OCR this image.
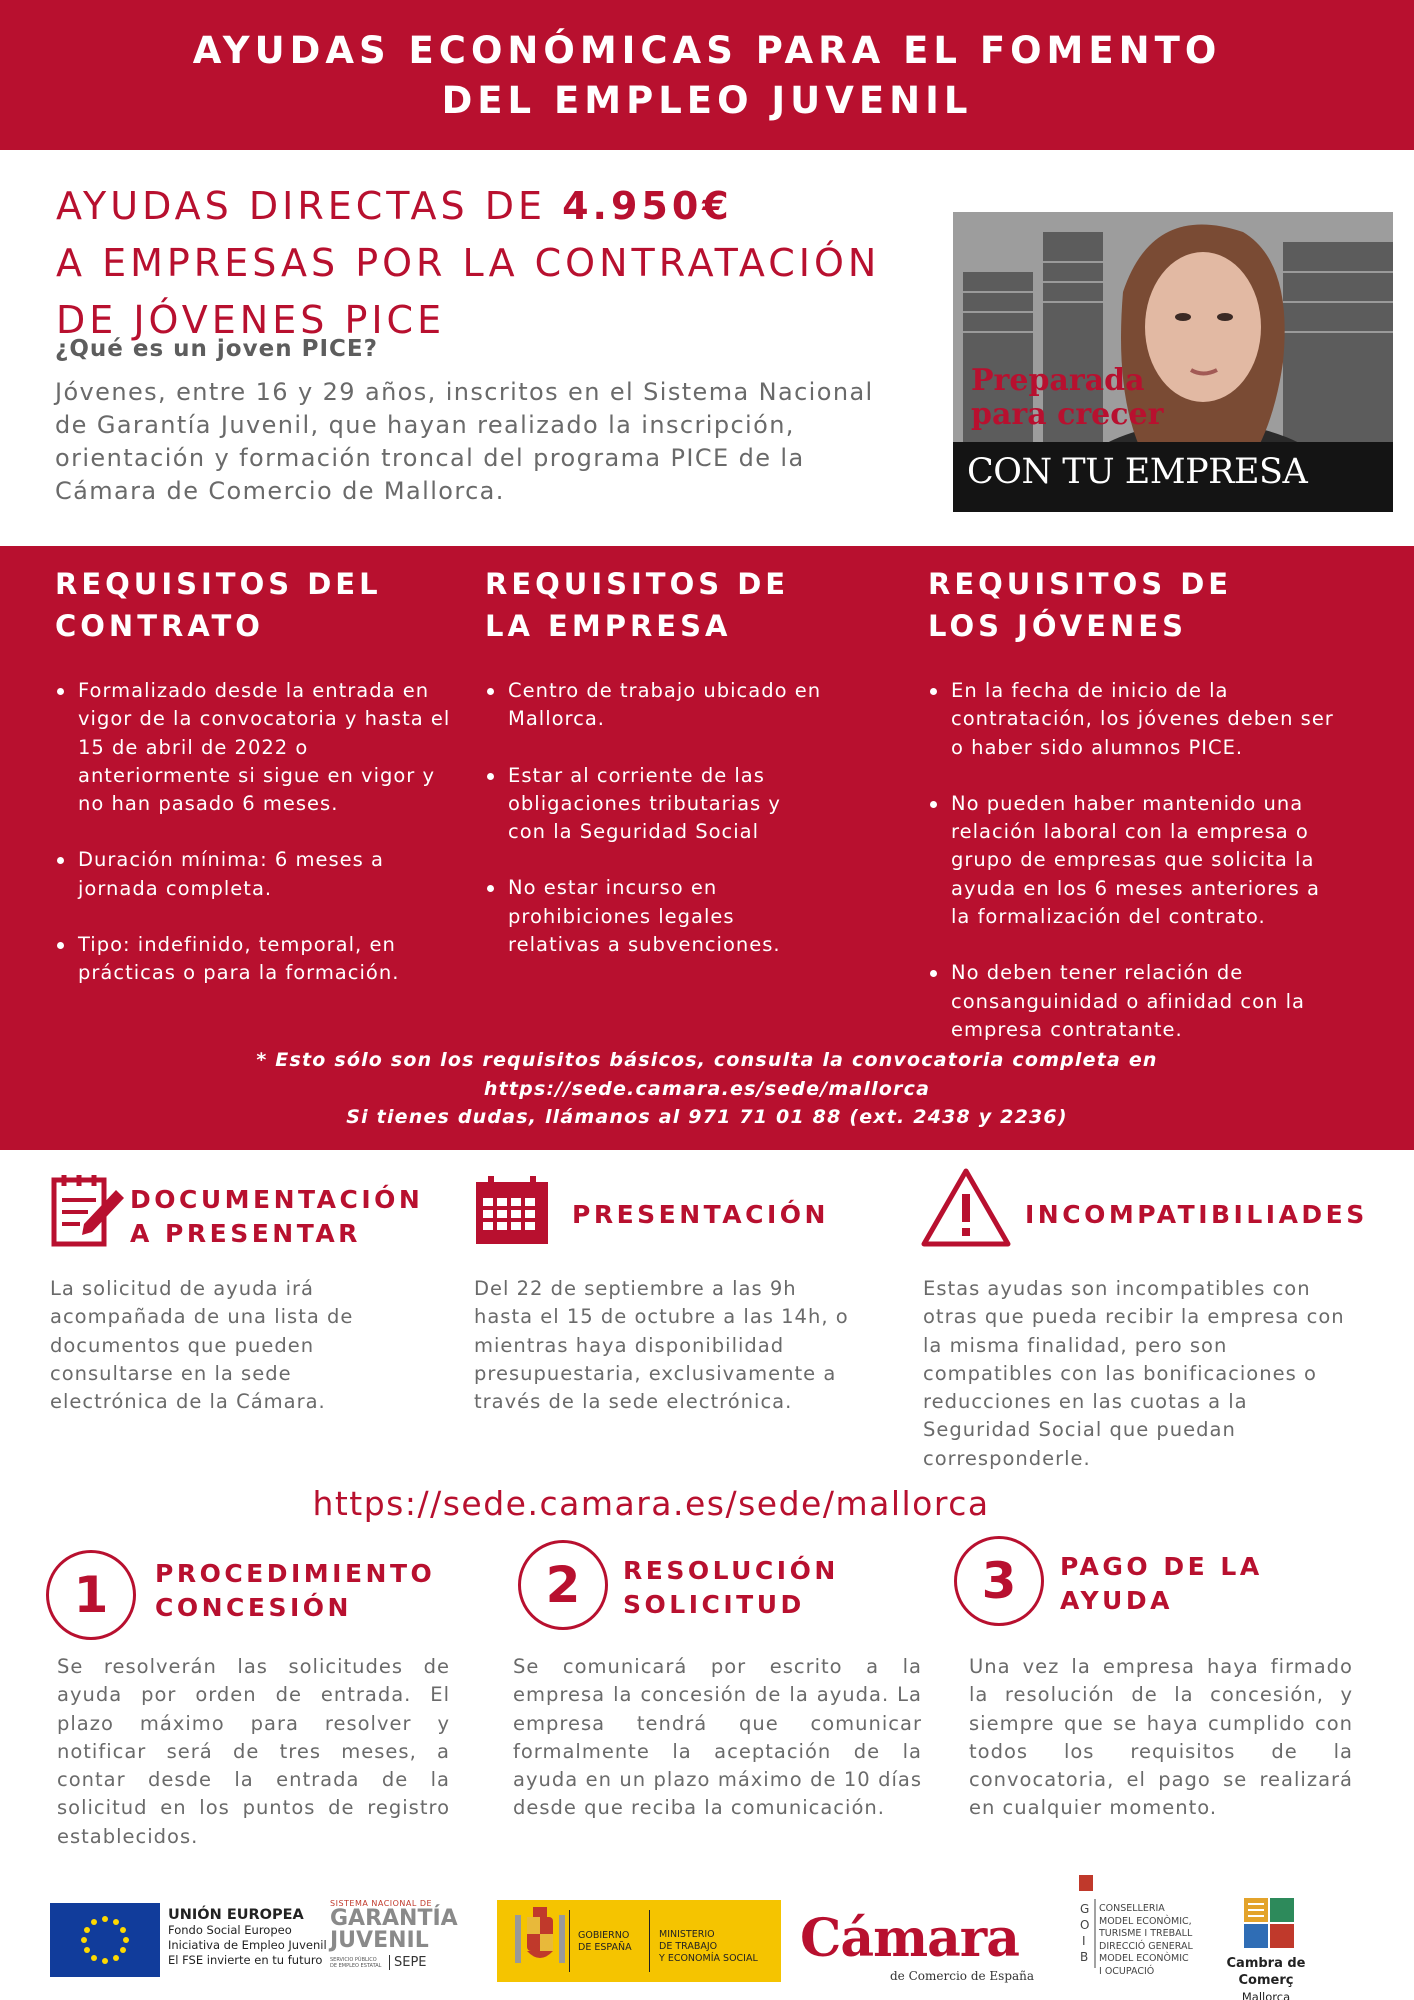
AYUDAS ECONÓMICAS PARA EL FOMENTO
DEL EMPLEO JUVENIL
AYUDAS DIRECTAS DE 4.950€
A EMPRESAS POR LA CONTRATACIÓN
DE JÓVENES PICE
¿Qué es un joven PICE?
Jóvenes, entre 16 y 29 años, inscritos en el Sistema Nacional de Garantía Juvenil, que hayan realizado la inscripción, orientación y formación troncal del programa PICE de la Cámara de Comercio de Mallorca.
Preparada
para crecer
CON TU EMPRESA
REQUISITOS DEL
CONTRATO
Formalizado desde la entrada en vigor de la convocatoria y hasta el 15 de abril de 2022 o anteriormente si sigue en vigor y no han pasado 6 meses.
Duración mínima: 6 meses a jornada completa.
Tipo: indefinido, temporal, en prácticas o para la formación.
REQUISITOS DE
LA EMPRESA
Centro de trabajo ubicado en Mallorca.
Estar al corriente de las obligaciones tributarias y con la Seguridad Social
No estar incurso en prohibiciones legales relativas a subvenciones.
REQUISITOS DE
LOS JÓVENES
En la fecha de inicio de la contratación, los jóvenes deben ser o haber sido alumnos PICE.
No pueden haber mantenido una relación laboral con la empresa o grupo de empresas que solicita la ayuda en los 6 meses anteriores a la formalización del contrato.
No deben tener relación de consanguinidad o afinidad con la empresa contratante.
* Esto sólo son los requisitos básicos, consulta la convocatoria completa en
https://sede.camara.es/sede/mallorca
Si tienes dudas, llámanos al 971 71 01 88 (ext. 2438 y 2236)
DOCUMENTACIÓN
A PRESENTAR
La solicitud de ayuda irá acompañada de una lista de documentos que pueden consultarse en la sede electrónica de la Cámara.
PRESENTACIÓN
Del 22 de septiembre a las 9h hasta el 15 de octubre a las 14h, o mientras haya disponibilidad presupuestaria, exclusivamente a través de la sede electrónica.
INCOMPATIBILIADES
Estas ayudas son incompatibles con otras que pueda recibir la empresa con la misma finalidad, pero son compatibles con las bonificaciones o reducciones en las cuotas a la Seguridad Social que puedan corresponderle.
https://sede.camara.es/sede/mallorca
1	PROCEDIMIENTO
CONCESIÓN
Se resolverán las solicitudes de ayuda por orden de entrada. El plazo máximo para resolver y notificar será de tres meses, a contar desde la entrada de la solicitud en los puntos de registro establecidos.
2	RESOLUCIÓN
SOLICITUD
Se comunicará por escrito a la empresa la concesión de la ayuda. La empresa tendrá que comunicar formalmente la aceptación de la ayuda en un plazo máximo de 10 días desde que reciba la comunicación.
3	PAGO DE LA
AYUDA
Una vez la empresa haya firmado la resolución de la concesión, y siempre que se haya cumplido con todos los requisitos de la convocatoria, el pago se realizará en cualquier momento.
UNIÓN EUROPEA
Fondo Social Europeo
Iniciativa de Empleo Juvenil
El FSE invierte en tu futuro
SISTEMA NACIONAL DE
GARANTÍA
JUVENIL
SERVICIO PÚBLICO DE EMPLEO ESTATAL SEPE
GOBIERNO
DE ESPAÑA
MINISTERIO
DE TRABAJO
Y ECONOMÍA SOCIAL Cámara
de Comercio de España
G
O
I
B
CONSELLERIA
MODEL ECONÒMIC,
TURISME I TREBALL
DIRECCIÓ GENERAL
MODEL ECONÒMIC
I OCUPACIÓ	Cambra de Comerç
Mallorca
